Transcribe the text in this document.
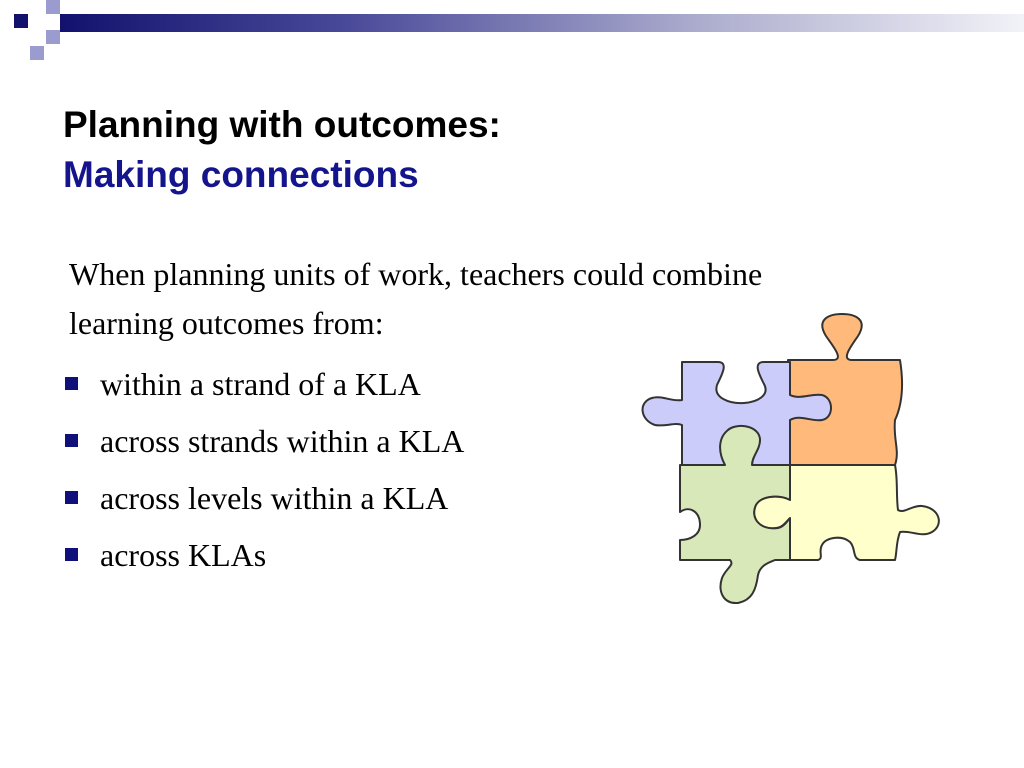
Planning with outcomes:
Making connections

When planning units of work, teachers could combine learning outcomes from:

within a strand of a KLA
across strands within a KLA
across levels within a KLA
across KLAs
